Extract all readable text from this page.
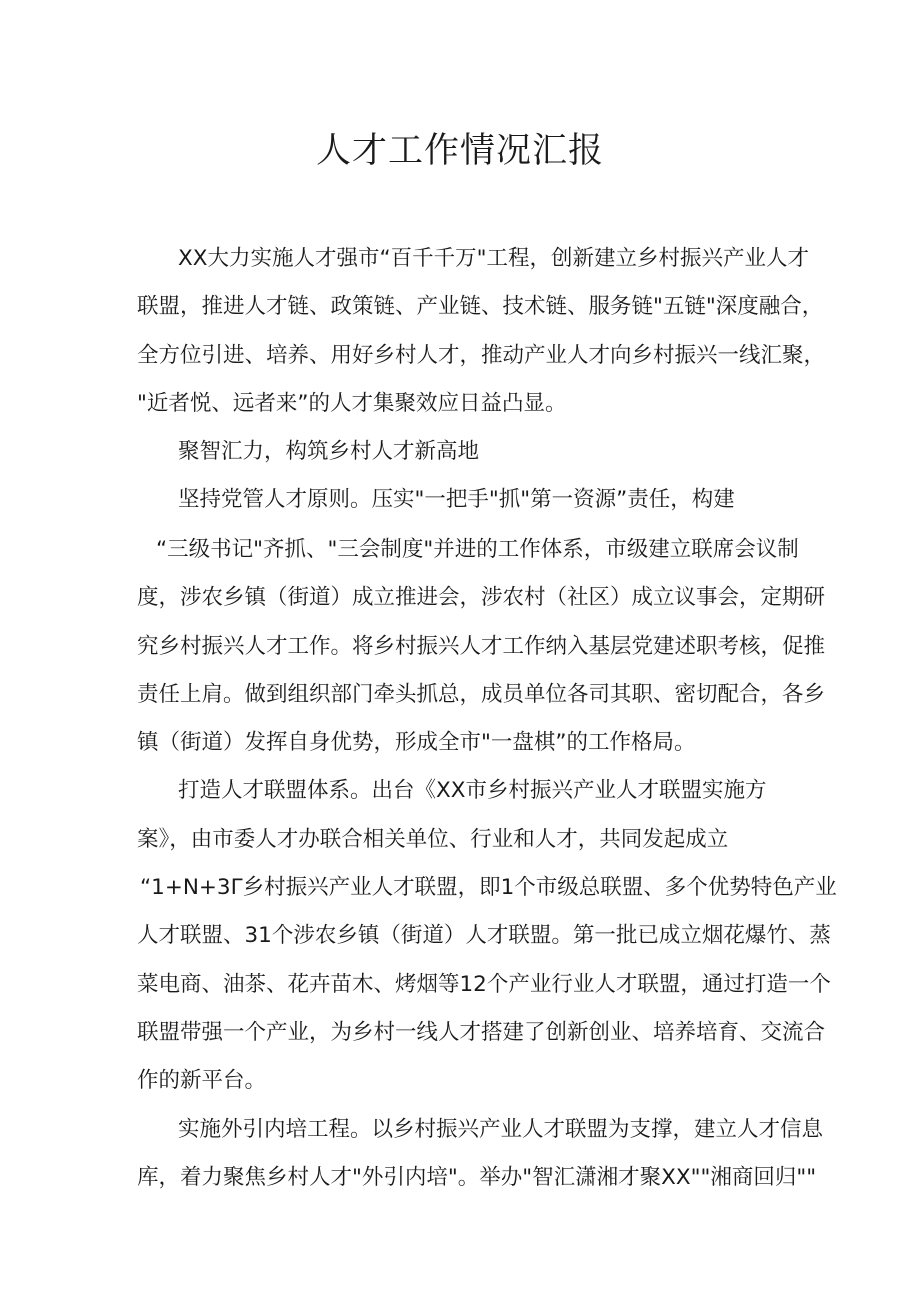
人才工作情况汇报

XX大力实施人才强市“百千千万"工程，创新建立乡村振兴产业人才

联盟，推进人才链、政策链、产业链、技术链、服务链"五链"深度融合，

全方位引进、培养、用好乡村人才，推动产业人才向乡村振兴一线汇聚，

"近者悦、远者来”的人才集聚效应日益凸显。

聚智汇力，构筑乡村人才新高地

坚持党管人才原则。压实"一把手"抓"第一资源”责任，构建

“三级书记"齐抓、"三会制度"并进的工作体系，市级建立联席会议制

度，涉农乡镇（街道）成立推进会，涉农村（社区）成立议事会，定期研

究乡村振兴人才工作。将乡村振兴人才工作纳入基层党建述职考核，促推

责任上肩。做到组织部门牵头抓总，成员单位各司其职、密切配合，各乡

镇（街道）发挥自身优势，形成全市"一盘棋”的工作格局。

打造人才联盟体系。出台《XX市乡村振兴产业人才联盟实施方

案》，由市委人才办联合相关单位、行业和人才，共同发起成立

“1+N+3Γ乡村振兴产业人才联盟，即1个市级总联盟、多个优势特色产业

人才联盟、31个涉农乡镇（街道）人才联盟。第一批已成立烟花爆竹、蒸

菜电商、油茶、花卉苗木、烤烟等12个产业行业人才联盟，通过打造一个

联盟带强一个产业，为乡村一线人才搭建了创新创业、培养培育、交流合

作的新平台。

实施外引内培工程。以乡村振兴产业人才联盟为支撑，建立人才信息

库，着力聚焦乡村人才"外引内培"。举办"智汇潇湘才聚XX""湘商回归""
